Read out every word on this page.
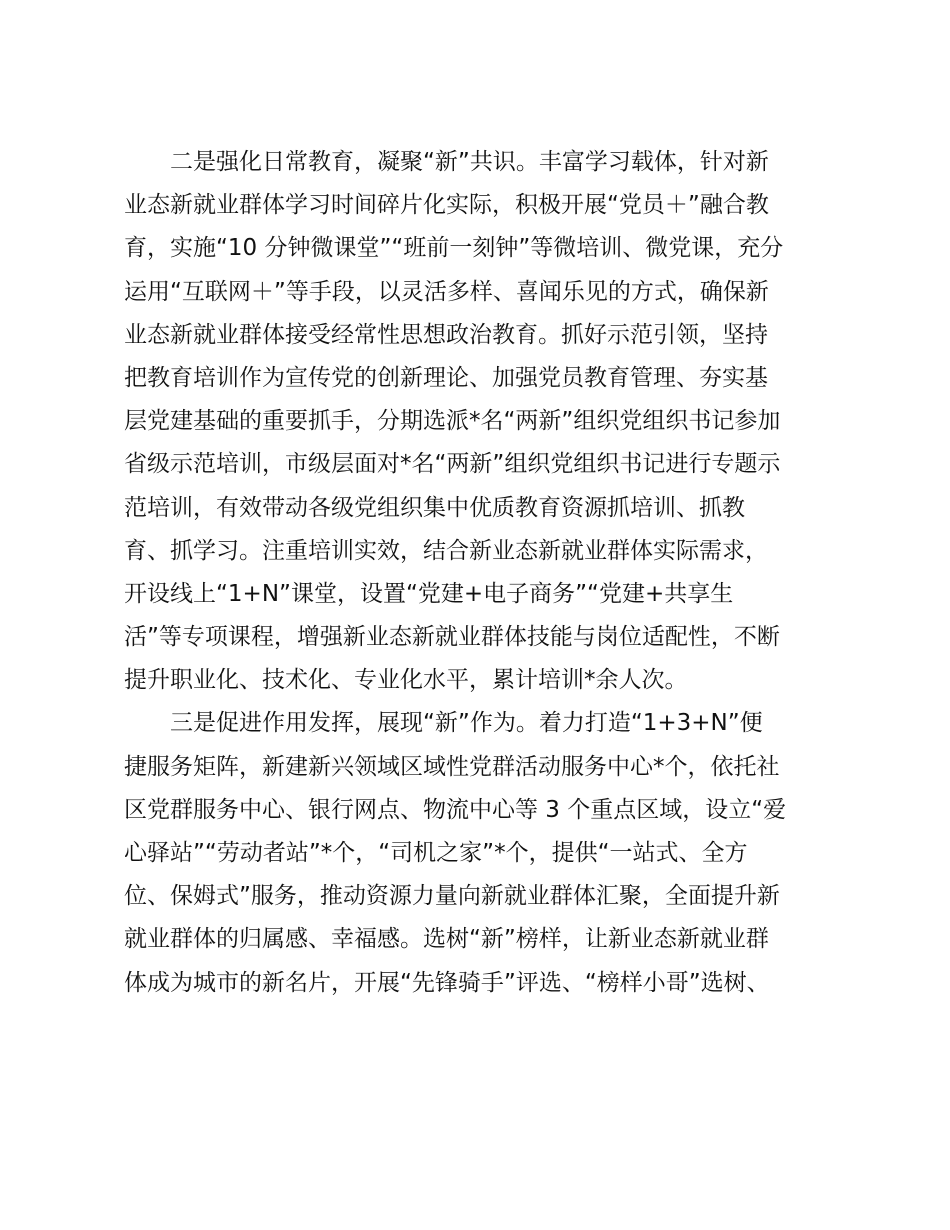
二是强化日常教育，凝聚“新”共识。丰富学习载体，针对新
业态新就业群体学习时间碎片化实际，积极开展“党员＋”融合教
育，实施“10 分钟微课堂”“班前一刻钟”等微培训、微党课，充分
运用“互联网＋”等手段，以灵活多样、喜闻乐见的方式，确保新
业态新就业群体接受经常性思想政治教育。抓好示范引领，坚持
把教育培训作为宣传党的创新理论、加强党员教育管理、夯实基
层党建基础的重要抓手，分期选派*名“两新”组织党组织书记参加
省级示范培训，市级层面对*名“两新”组织党组织书记进行专题示
范培训，有效带动各级党组织集中优质教育资源抓培训、抓教
育、抓学习。注重培训实效，结合新业态新就业群体实际需求，
开设线上“1+N”课堂，设置“党建+电子商务”“党建+共享生
活”等专项课程，增强新业态新就业群体技能与岗位适配性，不断
提升职业化、技术化、专业化水平，累计培训*余人次。
三是促进作用发挥，展现“新”作为。着力打造“1+3+N”便
捷服务矩阵，新建新兴领域区域性党群活动服务中心*个，依托社
区党群服务中心、银行网点、物流中心等 3 个重点区域，设立“爱
心驿站”“劳动者站”*个，“司机之家”*个，提供“一站式、全方
位、保姆式”服务，推动资源力量向新就业群体汇聚，全面提升新
就业群体的归属感、幸福感。选树“新”榜样，让新业态新就业群
体成为城市的新名片，开展“先锋骑手”评选、“榜样小哥”选树、
